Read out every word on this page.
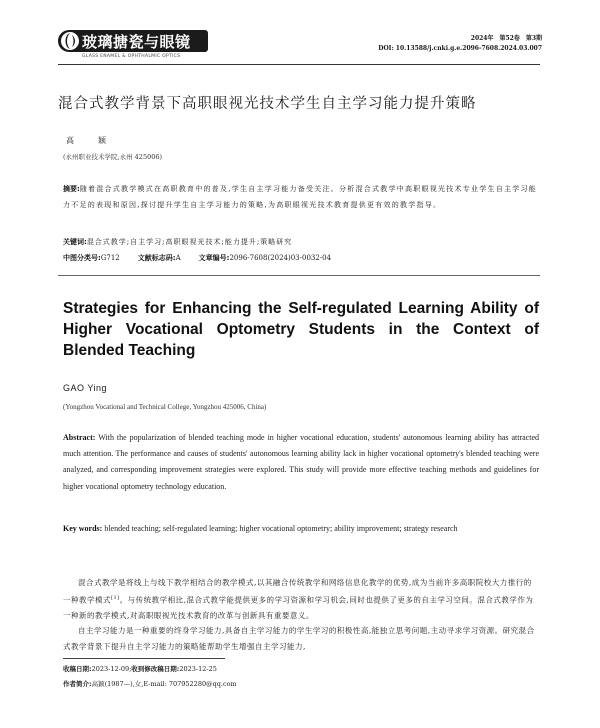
玻璃搪瓷与眼镜
GLASS ENAMEL & OPHTHALMIC OPTICS
2024年　第52卷　第3期
DOI: 10.13588/j.cnki.g.e.2096-7608.2024.03.007
混合式教学背景下高职眼视光技术学生自主学习能力提升策略
高　颖
(永州职业技术学院,永州 425006)
摘要:随着混合式教学模式在高职教育中的普及,学生自主学习能力备受关注。分析混合式教学中高职眼视光技术专业学生自主学习能力不足的表现和原因,探讨提升学生自主学习能力的策略,为高职眼视光技术教育提供更有效的教学指导。
关键词:混合式教学;自主学习;高职眼视光技术;能力提升;策略研究
中图分类号:G712	文献标志码:A	文章编号:2096-7608(2024)03-0032-04
Strategies for Enhancing the Self-regulated Learning Ability of
Higher Vocational Optometry Students in the Context of
Blended Teaching
GAO Ying
(Yongzhou Vocational and Technical College, Yongzhou 425006, China)
Abstract: With the popularization of blended teaching mode in higher vocational education, students' autonomous learning ability has attracted much attention. The performance and causes of students' autonomous learning ability lack in higher vocational optometry's blended teaching were analyzed, and corresponding improvement strategies were explored. This study will provide more effective teaching methods and guidelines for higher vocational optometry technology education.
Key words: blended teaching; self-regulated learning; higher vocational optometry; ability improvement; strategy research

混合式教学是将线上与线下教学相结合的教学模式,以其融合传统教学和网络信息化教学的优势,成为当前许多高职院校大力推行的一种教学模式[1]。与传统教学相比,混合式教学能提供更多的学习资源和学习机会,同时也提供了更多的自主学习空间。混合式教学作为一种新的教学模式,对高职眼视光技术教育的改革与创新具有重要意义。

自主学习能力是一种重要的终身学习能力,具备自主学习能力的学生学习的积极性高,能独立思考问题,主动寻求学习资源。研究混合式教学背景下提升自主学习能力的策略能帮助学生增强自主学习能力,

收稿日期:2023-12-09;收到修改稿日期:2023-12-25
作者简介:高颖(1987—),女,E-mail: 707952280@qq.com
